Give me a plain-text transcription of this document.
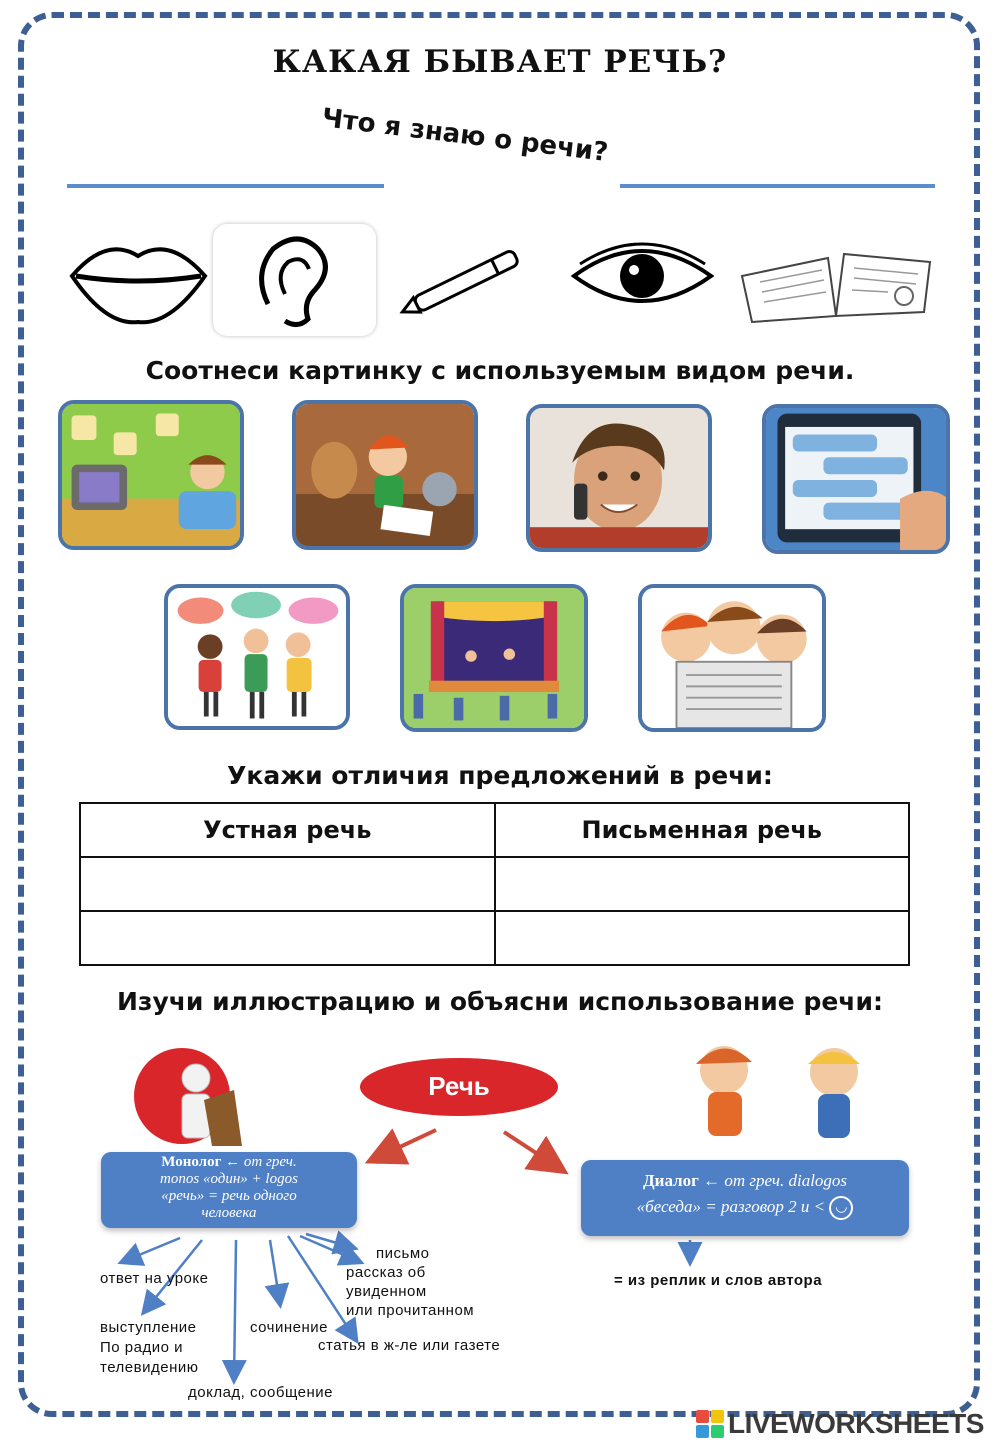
КАКАЯ БЫВАЕТ РЕЧЬ?
Что я знаю о речи?
Соотнеси картинку с используемым видом речи.
Укажи отличия предложений в речи:
Устная речь	Письменная речь

Изучи иллюстрацию и объясни использование речи:
Речь
Монолог ← от греч.
monos «один» + logos
«речь» = речь одного
человека
Диалог ← от греч. dialogos
«беседа» = разговор 2 и < ◡
= из реплик и слов автора
ответ на уроке
выступление
По радио и
телевидению
доклад, сообщение
сочинение
письмо
рассказ об
увиденном
или прочитанном
статья в ж-ле или газете
LIVEWORKSHEETS
